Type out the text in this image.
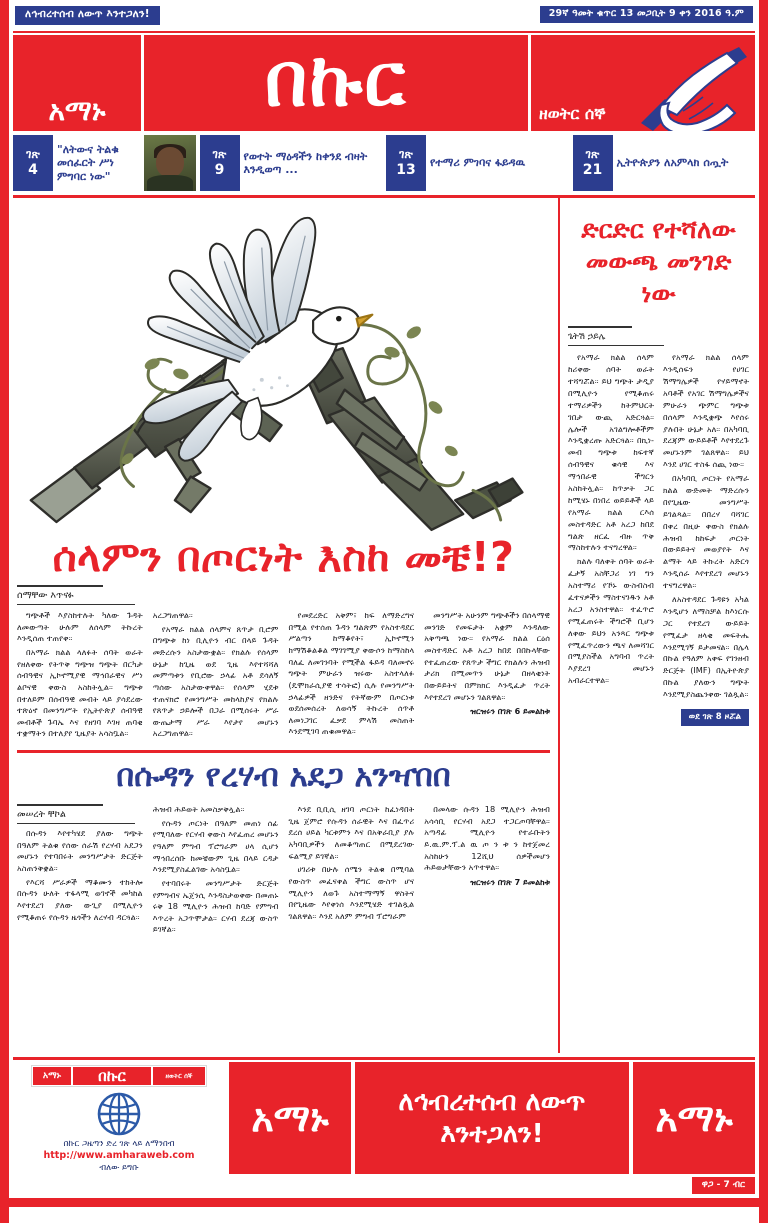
ለኅብረተሰብ ለውጥ እንተጋለን!	29ኛ ዓመት ቁጥር 13 መጋቢት 9 ቀን 2016 ዓ.ም
አማኑ በኩር	ዘወትር ሰኞ
ገጽ
4
"ለትውና ትልቁ መሰፈርት ሥነ ምግባር ነው"
ገጽ
9
የወተት ማዕዳችን ከቀንደ ብዛት እንዲወጣ ...
ገጽ
13 የተማሪ ምገባና ፋይዳዉ
ገጽ
21 ኢትዮጵያን ለአምላክ ሰጧት
ሰላምን በጦርነት እስከ መቼ!?
ሰማቸው እጥናፉ

ግጭቶች እያስከተሉት ካለው ጉዳት ለመውጣት ሁሉም ለሰላም ትኩረት እንዲሰጠ ተጠየቀ።

በአማራ ክልል ላለፉት ሰባት ወራት የዘለቀው የትጥቅ ግጭዝ ግጭት በርካታ ሰብዓዊና ኢኮኖሚያዊ ማኅበራዊና ሥነ ልቦናዊ ቀውስ አስከትሏል። ግጭቱ በተለይም በሰብዓዊ መብት ላይ ያሳደረው ተጽዕኖ በመንግሥት የኢትዮጵያ ሰብዓዊ መብቶች ጉባኤ እና የዘገባ እገዛ ጠባቂ ተቋማትን በተለያየ ጊዜያት አሳስቧል።

አረጋግጠዋል።

የአማራ ክልል ሰላምና ጸጥታ ቢሮም በግጭቱ ከነ ቢሊዮን ብር በላይ ጉዳት መድረሱን አስታውቋል። የክልሉ የሰላም ሁኔታ ከጊዜ ወደ ጊዜ እየተሻሻለ መምጣቱን የቢሮው ኃላፊ አቶ ደሳለኝ ጣሰው አስታውቀዋል። የሰላም ሂደቱ ተጠናክሮ የመንግሥት መከላከያና የክልሉ የጸጥታ ኃይሎች በጋራ በሚሰሩት ሥራ ውጤታማ ሥራ እየታየ መሆኑን አረጋግጠዋል።

የመደረድር አቅም፣ ከፍ ለማድረግና በሚል የተሰጠ ጉዳን ግልጽም የአስተዳደር ሥልጣን ከማቆየት፣ ኢኮኖሚን ከማሽቆልቆል ማገገሚያ ቀውሶን ከማስከላ ባለፈ ለመገንባት የሚችል ፋይዳ ባለመኖሩ ግጭት ምሁራን ዝሩው አስተላለፉ (ዴሞክራሲያዊ ተሳትፎ) ሲሉ የመንግሥት ኃላፊዎች ዘንድና የትኛውም በጦርነቱ ወደሰመሰረት ለወሳኝ ትኩረት ሰጥቶ ለመነጋገር ፈቃደ ምላሽ መስጠት እንደሚገባ ጠቁመዋል።

መንግሥት አሁንም ግጭቶችን በሰላማዊ መንገድ የመፍታት አቋም እንዳለው አቅጣጫ ነው። የአማራ ክልል ርዕሰ መስተዳድር አቶ አረጋ ከበደ በበኩላቸው የተፈጠረው የጸጥታ ችግር የክልሉን ሕዝብ ታሪክ በሚመጥን ሁኔታ በዘላቂነት በውይይትና በምክክር እንዲፈታ ጥረት እየተደረገ መሆኑን ገልጸዋል።

ዝርዝሩን በገጽ 6 ይመልከቱ
በሱዳን የረሃብ አደጋ አንዣበበ
መሠረት ቸኮል

በሱዳን እየተካሄደ ያለው ግጭት በዓለም ትልቁ የሰው ሰራሽ የረሃብ አደጋን መሆኑን የተባበሩት መንግሥታት ድርጅት አስጠንቅቋል።

የእርሻ ሥራዎች ማቆሙን ተከትሎ በሱዳን ሁለት ተፋላሚ ወገኖች መካከል እየተደረገ ያለው ውጊያ በሚሊዮን የሚቆጠሩ የሱዳን ዜጎችን ለረሃብ ዳርጓል።

ሕዝብ ሕይወት አመስቃቅሏል።

የሱዳን ጦርነት በዓለም መጠነ ሰፊ የሚባለው የርሃብ ቀውስ እየፈጠረ መሆኑን የዓለም ምግብ ፕሮግራም ሀላ ሲሆን ማኅበረሰቡ ከመቼውም ጊዜ በላይ ርዳታ እንደሚያስፈልገው አሳስቧል።

የተባበሩት መንግሥታት ድርጅት የምግብና ኤጀንሲ እንዳስታወቀው በመጠኑ ሩቅ 18 ሚሊዮን ሕዝብ ከባድ የምግብ እጥረት አጋጥሞታል። ርሃብ ደረጃ ውስጥ ይገኛል።

እንደ ቢቢሲ ዘገባ ጦርነት ከፈነዳበት ጊዜ ጀምሮ የሱዳን ሰራዊት እና በፈጥሪ ደረሰ ሀይል ካርቱምን እና በአቅራቢያ ያሉ አካባቢዎችን ለመቆጣጠር በሚደረገው ፍልሚያ ይገኛል።

ሀገሪቱ በሁሉ ሰሜን ትልቁ በሚባል የውስጥ መፈናቀል ችግር ውስጥ ሆና ሚሊዮን ለወጉ አስተማማኝ ዋስትና በየጊዜው እየቀነሰ እንደሚሄድ ተገልጿል ገልጸዋል። እንደ አለም ምግብ ፕሮግራም

በመላው ሱዳን 18 ሚሊዮን ሕዝብ አሳሳቢ የርሃብ አደጋ ተጋርጦባቸዋል። አጣዳፊ ሚሊዮን የተራቡትን ይ.ዉ.ም.ፕ.ል ዉ ጦ ን ቱ ን ከተጀመረ አስከሁን 12ሺህ ሰዎችመሆን ሕይወታቸውን አጥተዋል።

ዝርዝሩን በገጽ 7 ይመልከቱ
ድርድር የተሻለው መውጫ መንገድ ነው
ጌትሽ ኃይሌ

የአማራ ክልል ሰላም ከሪቀው ሰባት ወራት ተሻግሯል። ይህ ግጭት ታዲያ በሚሊዮን የሚቆጠሩ ተማሪዎችን ከትምህርት ገበታ ውጪ አድርጓል። ሌሎች አገልግሎቶችም እንዲቋረጡ አድርጓል። በኪነ-መብ ግጭቱ ከፍተኛ ሰብዓዊና ቁሳዊ እና ማኅበራዊ ችግርን አስከትሏል። ከጥቃት ጋር ከሚሄኑ በነበረ ወይይቶች ላይ የአማራ ክልል ርእሰ መስተዳድር አቶ አረጋ ከበደ ግልጽ ዘርፈ ብዙ ጥቅ ማስከተሉን ተናግረዋል።

ክልሉ ባለቀት ሰባት ወራት ፈታኝ አስቸጋሪ ነገ ግን አስተማሪ የኾኑ ውስብስብ ፈተናዎችን ማስተናገዱን አቶ አረጋ አንስተዋል። ተፈጥሮ የሚፈጠሩት ችግሮች ቢሆን ለቀው ይህን አንጻር ግጭቱ የሚፈጥረውን ጫና ለመሻገር በሚያስችል አግባብ ጥረት እያደረገ መሆኑን አብራርተዋል።

የአማራ ክልል ሰላም እንዲሰፍን የሀገር ሽማግሌዎች የሃይማኖት አባቶች የአገር ሽማግሌዎችና ምሁራን ጭምር ግጭቱ በሰላም እንዲቋጭ እየሰሩ ያሉበት ሁኔታ አለ። በአካባቢ ደረጃም ውይይቶች እየተደረጉ መሆኑንም ገልጸዋል። ይህ እንደ ሀገር ተስፋ ሰጪ ነው።

በአካባቢ ጦርነት የአማራ ክልል ውድመት ማድረሱን በየጊዜው መንግሥት ይገልጻል። በበረሃ ባሻገር በቀረ በዚሁ ቀውስ የክልሉ ሕዝብ ከከፍታ ጦርነት በውይይትና መወያየት እና ልማት ላይ ትኩረት አድርጎ እንዲሰራ እየተደረገ መሆኑን ተናግረዋል።

ለአስተዳደር ጉዳዩን አካል እንዲሆን ለማስቻል ከእነርሱ ጋር የተደረገ ውይይት የሚፈታ ዘላቂ መፍትሔ እንደሚገኝ ይታመናል። በሌላ በኩል የዓለም አቀፍ የገንዘብ ድርጅት (IMF) በኢትዮጵያ በኩል ያለውን ግጭት እንደሚያስጨንቀው ገልጿል።

ወደ ገጽ 8 ዞሯል
አማኑ	በኩር	ዘወትር ሰኞ
በኩር ጋዜጣን ድረ ገጽ ላይ ለማንበብ
http://www.amharaweb.com
ብለው ይግቡ
አማኑ	ለኅብረተሰብ ለውጥ እንተጋለን!	አማኑ
ዋጋ - 7 ብር
